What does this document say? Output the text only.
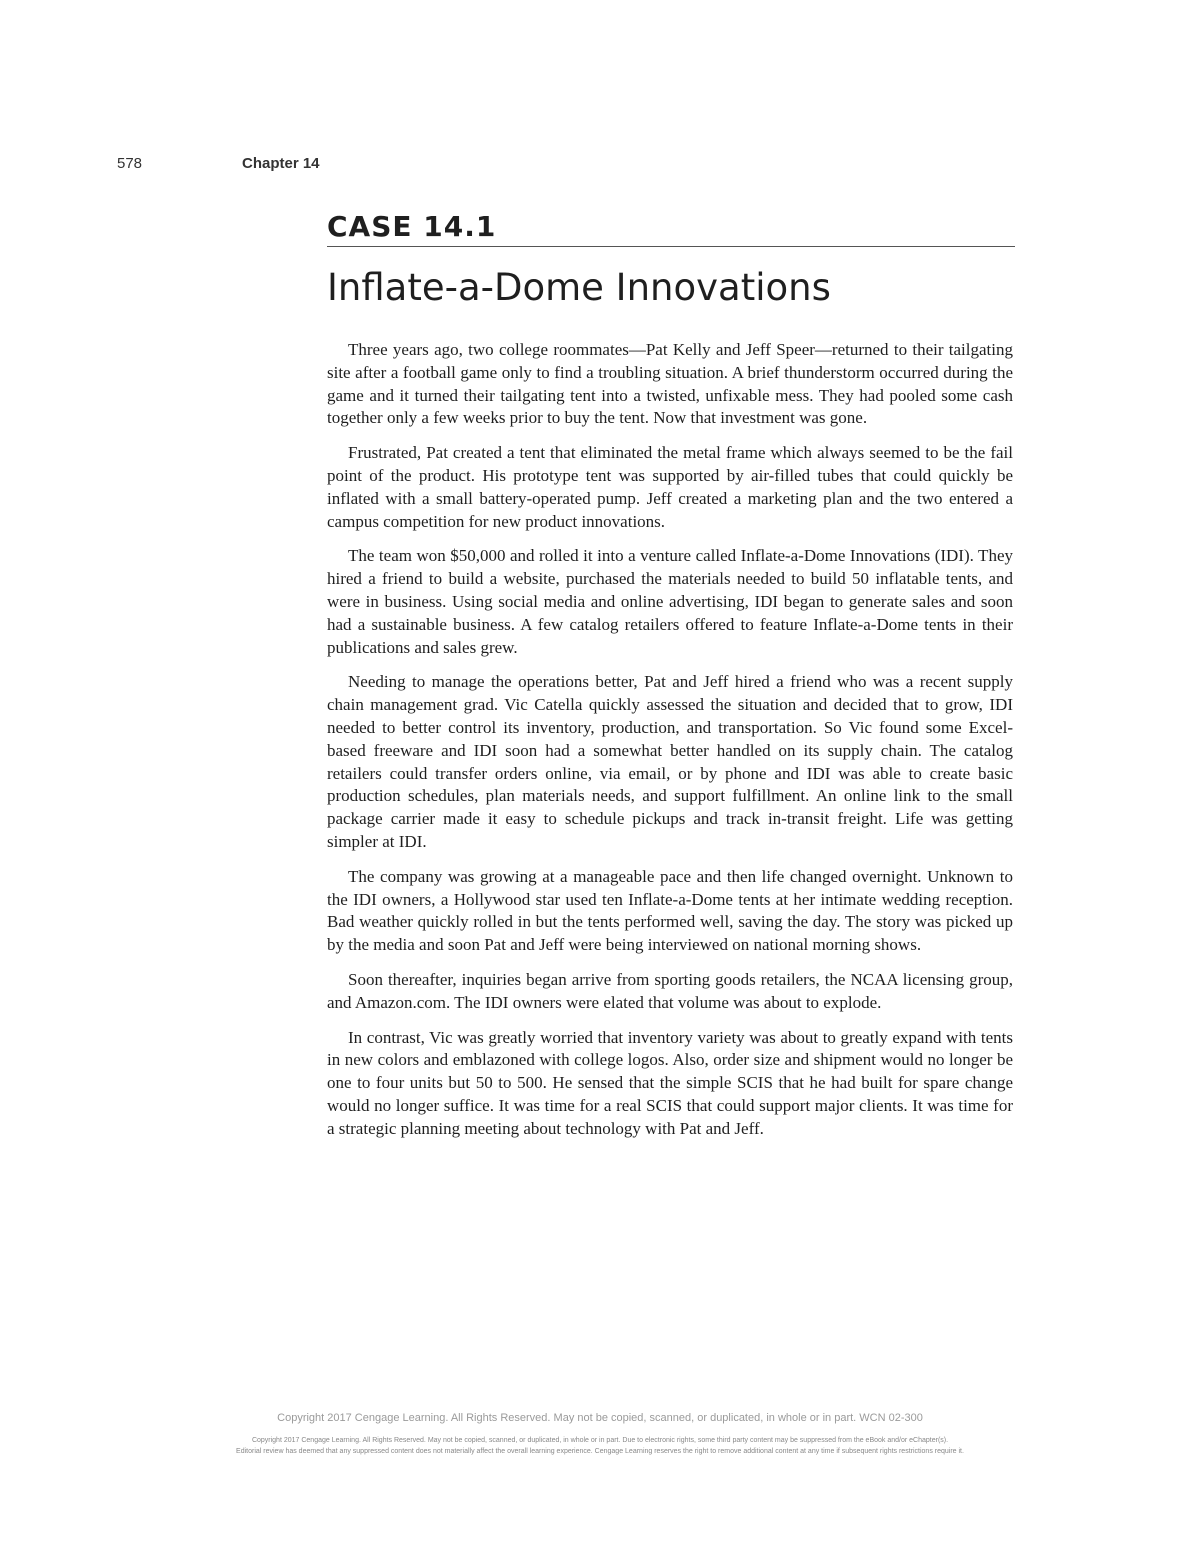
578	Chapter 14
CASE 14.1
Inflate-a-Dome Innovations

Three years ago, two college roommates—Pat Kelly and Jeff Speer—returned to their tailgating site after a football game only to find a troubling situation. A brief thunderstorm occurred during the game and it turned their tailgating tent into a twisted, unfixable mess. They had pooled some cash together only a few weeks prior to buy the tent. Now that investment was gone.

Frustrated, Pat created a tent that eliminated the metal frame which always seemed to be the fail point of the product. His prototype tent was supported by air-filled tubes that could quickly be inflated with a small battery-operated pump. Jeff created a marketing plan and the two entered a campus competition for new product innovations.

The team won $50,000 and rolled it into a venture called Inflate-a-Dome Innovations (IDI). They hired a friend to build a website, purchased the materials needed to build 50 inflatable tents, and were in business. Using social media and online advertising, IDI began to generate sales and soon had a sustainable business. A few catalog retailers offered to feature Inflate-a-Dome tents in their publications and sales grew.

Needing to manage the operations better, Pat and Jeff hired a friend who was a recent supply chain management grad. Vic Catella quickly assessed the situation and decided that to grow, IDI needed to better control its inventory, production, and transportation. So Vic found some Excel-based freeware and IDI soon had a somewhat better handled on its supply chain. The catalog retailers could transfer orders online, via email, or by phone and IDI was able to create basic production schedules, plan materials needs, and support fulfillment. An online link to the small package carrier made it easy to schedule pickups and track in-transit freight. Life was getting simpler at IDI.

The company was growing at a manageable pace and then life changed overnight. Unknown to the IDI owners, a Hollywood star used ten Inflate-a-Dome tents at her intimate wedding reception. Bad weather quickly rolled in but the tents performed well, saving the day. The story was picked up by the media and soon Pat and Jeff were being interviewed on national morning shows.

Soon thereafter, inquiries began arrive from sporting goods retailers, the NCAA licensing group, and Amazon.com. The IDI owners were elated that volume was about to explode.

In contrast, Vic was greatly worried that inventory variety was about to greatly expand with tents in new colors and emblazoned with college logos. Also, order size and shipment would no longer be one to four units but 50 to 500. He sensed that the simple SCIS that he had built for spare change would no longer suffice. It was time for a real SCIS that could support major clients. It was time for a strategic planning meeting about technology with Pat and Jeff.

Copyright 2017 Cengage Learning. All Rights Reserved. May not be copied, scanned, or duplicated, in whole or in part. WCN 02-300
Copyright 2017 Cengage Learning. All Rights Reserved. May not be copied, scanned, or duplicated, in whole or in part. Due to electronic rights, some third party content may be suppressed from the eBook and/or eChapter(s).
Editorial review has deemed that any suppressed content does not materially affect the overall learning experience. Cengage Learning reserves the right to remove additional content at any time if subsequent rights restrictions require it.
